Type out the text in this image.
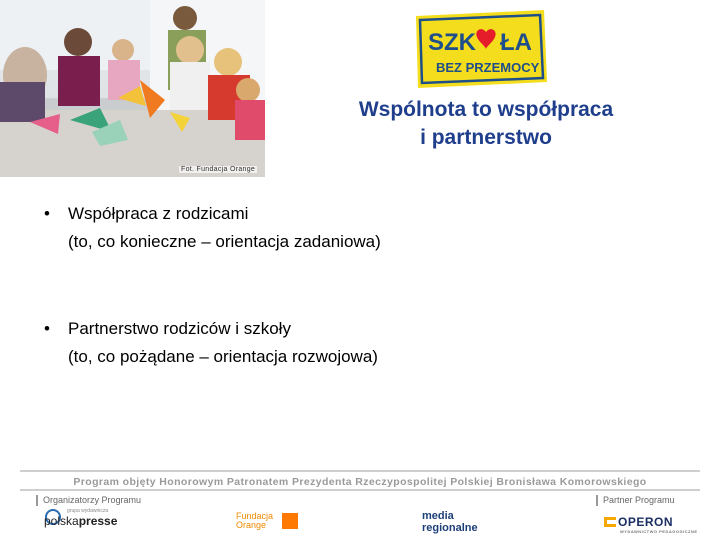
Fot. Fundacja Orange
SZK ŁA
BEZ PRZEMOCY
Wspólnota to współpraca
i partnerstwo
• Współpraca z rodzicami
(to, co konieczne – orientacja zadaniowa)
• Partnerstwo rodziców i szkoły
(to, co pożądane – orientacja rozwojowa)
Program objęty Honorowym Patronatem Prezydenta Rzeczypospolitej Polskiej Bronisława Komorowskiego
Organizatorzy Programu	Partner Programu
grupa wydawnicza
polskapresse	Fundacja
Orange
media
regionalne	OPERON
WYDAWNICTWO PEDAGOGICZNE
